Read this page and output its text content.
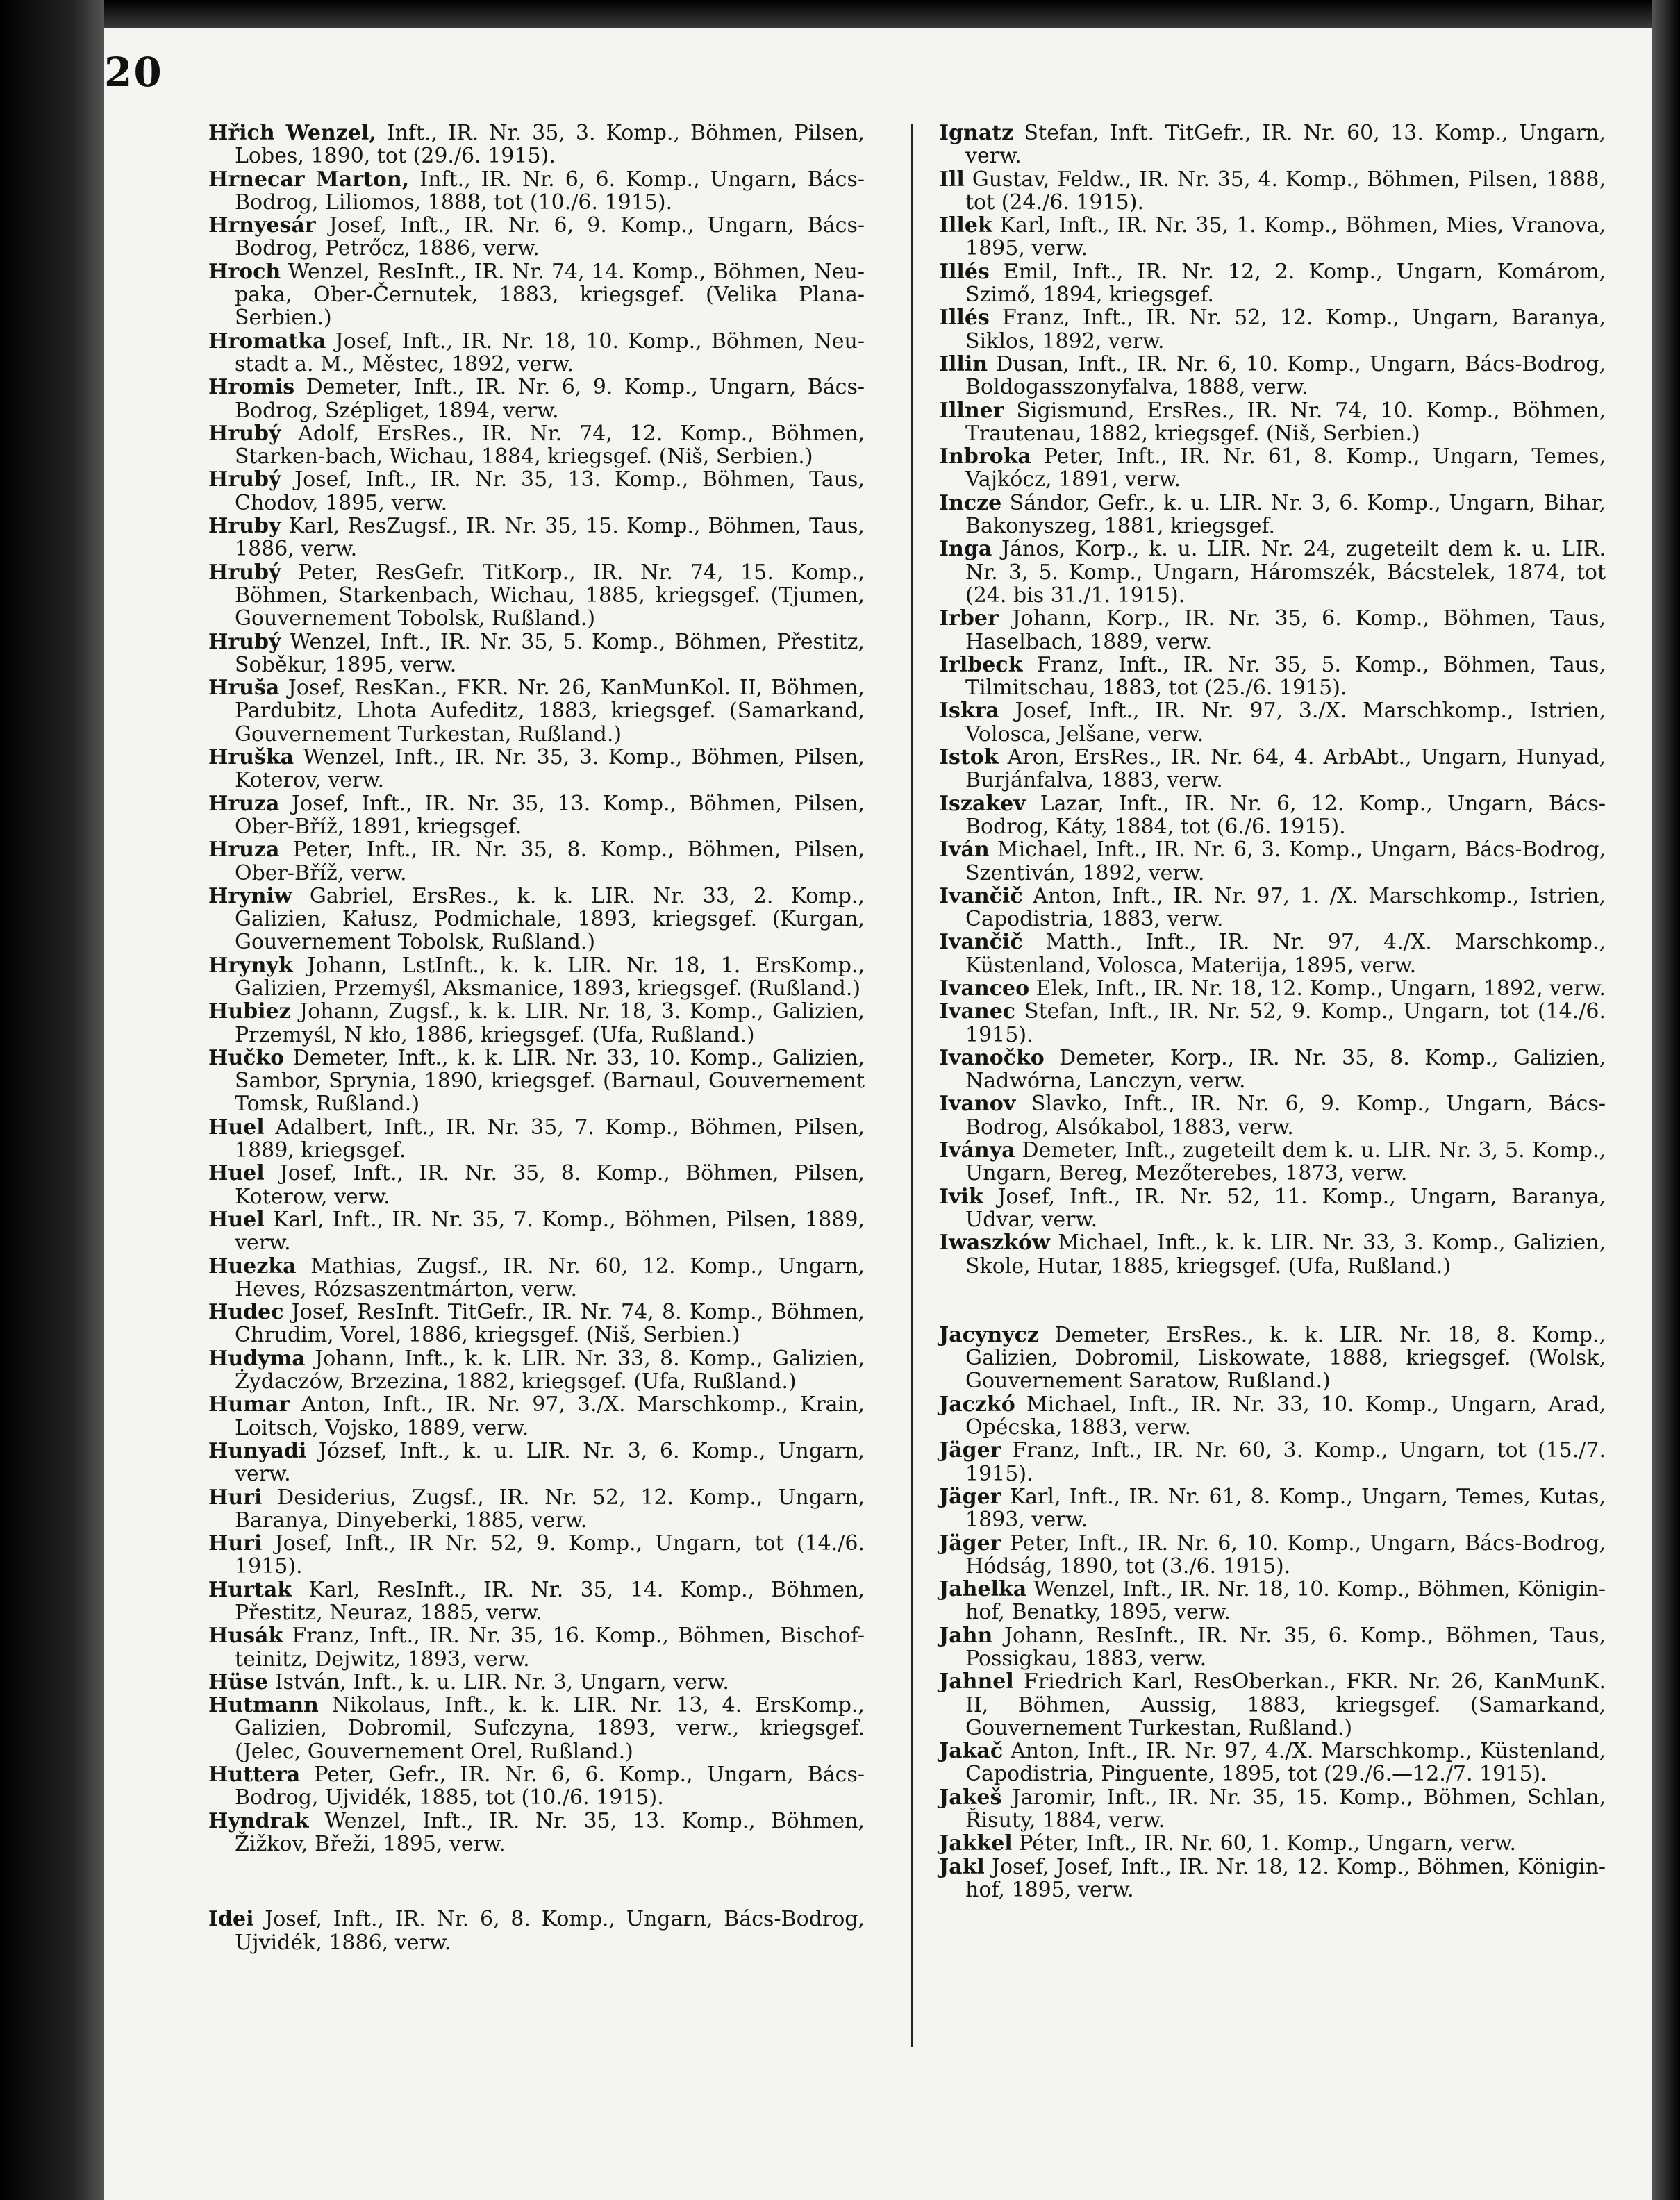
20

Hřich Wenzel, Inft., IR. Nr. 35, 3. Komp., Böhmen, Pilsen, Lobes, 1890, tot (29./6. 1915).

Hrnecar Marton, Inft., IR. Nr. 6, 6. Komp., Ungarn, Bács-Bodrog, Liliomos, 1888, tot (10./6. 1915).

Hrnyesár Josef, Inft., IR. Nr. 6, 9. Komp., Ungarn, Bács-Bodrog, Petrőcz, 1886, verw.

Hroch Wenzel, ResInft., IR. Nr. 74, 14. Komp., Böhmen, Neu-paka, Ober-Černutek, 1883, kriegsgef. (Velika Plana-Serbien.)

Hromatka Josef, Inft., IR. Nr. 18, 10. Komp., Böhmen, Neu-stadt a. M., Městec, 1892, verw.

Hromis Demeter, Inft., IR. Nr. 6, 9. Komp., Ungarn, Bács-Bodrog, Szépliget, 1894, verw.

Hrubý Adolf, ErsRes., IR. Nr. 74, 12. Komp., Böhmen, Starken-bach, Wichau, 1884, kriegsgef. (Niš, Serbien.)

Hrubý Josef, Inft., IR. Nr. 35, 13. Komp., Böhmen, Taus, Chodov, 1895, verw.

Hruby Karl, ResZugsf., IR. Nr. 35, 15. Komp., Böhmen, Taus, 1886, verw.

Hrubý Peter, ResGefr. TitKorp., IR. Nr. 74, 15. Komp., Böhmen, Starkenbach, Wichau, 1885, kriegsgef. (Tjumen, Gouvernement Tobolsk, Rußland.)

Hrubý Wenzel, Inft., IR. Nr. 35, 5. Komp., Böhmen, Přestitz, Soběkur, 1895, verw.

Hruša Josef, ResKan., FKR. Nr. 26, KanMunKol. II, Böhmen, Pardubitz, Lhota Aufeditz, 1883, kriegsgef. (Samarkand, Gouvernement Turkestan, Rußland.)

Hruška Wenzel, Inft., IR. Nr. 35, 3. Komp., Böhmen, Pilsen, Koterov, verw.

Hruza Josef, Inft., IR. Nr. 35, 13. Komp., Böhmen, Pilsen, Ober-Bříž, 1891, kriegsgef.

Hruza Peter, Inft., IR. Nr. 35, 8. Komp., Böhmen, Pilsen, Ober-Bříž, verw.

Hryniw Gabriel, ErsRes., k. k. LIR. Nr. 33, 2. Komp., Galizien, Kałusz, Podmichale, 1893, kriegsgef. (Kurgan, Gouvernement Tobolsk, Rußland.)

Hrynyk Johann, LstInft., k. k. LIR. Nr. 18, 1. ErsKomp., Galizien, Przemyśl, Aksmanice, 1893, kriegsgef. (Rußland.)

Hubiez Johann, Zugsf., k. k. LIR. Nr. 18, 3. Komp., Galizien, Przemyśl, N kło, 1886, kriegsgef. (Ufa, Rußland.)

Hučko Demeter, Inft., k. k. LIR. Nr. 33, 10. Komp., Galizien, Sambor, Sprynia, 1890, kriegsgef. (Barnaul, Gouvernement Tomsk, Rußland.)

Huel Adalbert, Inft., IR. Nr. 35, 7. Komp., Böhmen, Pilsen, 1889, kriegsgef.

Huel Josef, Inft., IR. Nr. 35, 8. Komp., Böhmen, Pilsen, Koterow, verw.

Huel Karl, Inft., IR. Nr. 35, 7. Komp., Böhmen, Pilsen, 1889, verw.

Huezka Mathias, Zugsf., IR. Nr. 60, 12. Komp., Ungarn, Heves, Rózsaszentmárton, verw.

Hudec Josef, ResInft. TitGefr., IR. Nr. 74, 8. Komp., Böhmen, Chrudim, Vorel, 1886, kriegsgef. (Niš, Serbien.)

Hudyma Johann, Inft., k. k. LIR. Nr. 33, 8. Komp., Galizien, Żydaczów, Brzezina, 1882, kriegsgef. (Ufa, Rußland.)

Humar Anton, Inft., IR. Nr. 97, 3./X. Marschkomp., Krain, Loitsch, Vojsko, 1889, verw.

Hunyadi József, Inft., k. u. LIR. Nr. 3, 6. Komp., Ungarn, verw.

Huri Desiderius, Zugsf., IR. Nr. 52, 12. Komp., Ungarn, Baranya, Dinyeberki, 1885, verw.

Huri Josef, Inft., IR Nr. 52, 9. Komp., Ungarn, tot (14./6. 1915).

Hurtak Karl, ResInft., IR. Nr. 35, 14. Komp., Böhmen, Přestitz, Neuraz, 1885, verw.

Husák Franz, Inft., IR. Nr. 35, 16. Komp., Böhmen, Bischof-teinitz, Dejwitz, 1893, verw.

Hüse István, Inft., k. u. LIR. Nr. 3, Ungarn, verw.

Hutmann Nikolaus, Inft., k. k. LIR. Nr. 13, 4. ErsKomp., Galizien, Dobromil, Sufczyna, 1893, verw., kriegsgef. (Jelec, Gouvernement Orel, Rußland.)

Huttera Peter, Gefr., IR. Nr. 6, 6. Komp., Ungarn, Bács-Bodrog, Ujvidék, 1885, tot (10./6. 1915).

Hyndrak Wenzel, Inft., IR. Nr. 35, 13. Komp., Böhmen, Žižkov, Břeži, 1895, verw.

Idei Josef, Inft., IR. Nr. 6, 8. Komp., Ungarn, Bács-Bodrog, Ujvidék, 1886, verw.

Ignatz Stefan, Inft. TitGefr., IR. Nr. 60, 13. Komp., Ungarn, verw.

Ill Gustav, Feldw., IR. Nr. 35, 4. Komp., Böhmen, Pilsen, 1888, tot (24./6. 1915).

Illek Karl, Inft., IR. Nr. 35, 1. Komp., Böhmen, Mies, Vranova, 1895, verw.

Illés Emil, Inft., IR. Nr. 12, 2. Komp., Ungarn, Komárom, Szimő, 1894, kriegsgef.

Illés Franz, Inft., IR. Nr. 52, 12. Komp., Ungarn, Baranya, Siklos, 1892, verw.

Illin Dusan, Inft., IR. Nr. 6, 10. Komp., Ungarn, Bács-Bodrog, Boldogasszonyfalva, 1888, verw.

Illner Sigismund, ErsRes., IR. Nr. 74, 10. Komp., Böhmen, Trautenau, 1882, kriegsgef. (Niš, Serbien.)

Inbroka Peter, Inft., IR. Nr. 61, 8. Komp., Ungarn, Temes, Vajkócz, 1891, verw.

Incze Sándor, Gefr., k. u. LIR. Nr. 3, 6. Komp., Ungarn, Bihar, Bakonyszeg, 1881, kriegsgef.

Inga János, Korp., k. u. LIR. Nr. 24, zugeteilt dem k. u. LIR. Nr. 3, 5. Komp., Ungarn, Háromszék, Bácstelek, 1874, tot (24. bis 31./1. 1915).

Irber Johann, Korp., IR. Nr. 35, 6. Komp., Böhmen, Taus, Haselbach, 1889, verw.

Irlbeck Franz, Inft., IR. Nr. 35, 5. Komp., Böhmen, Taus, Tilmitschau, 1883, tot (25./6. 1915).

Iskra Josef, Inft., IR. Nr. 97, 3./X. Marschkomp., Istrien, Volosca, Jelšane, verw.

Istok Aron, ErsRes., IR. Nr. 64, 4. ArbAbt., Ungarn, Hunyad, Burjánfalva, 1883, verw.

Iszakev Lazar, Inft., IR. Nr. 6, 12. Komp., Ungarn, Bács-Bodrog, Káty, 1884, tot (6./6. 1915).

Iván Michael, Inft., IR. Nr. 6, 3. Komp., Ungarn, Bács-Bodrog, Szentiván, 1892, verw.

Ivančič Anton, Inft., IR. Nr. 97, 1. /X. Marschkomp., Istrien, Capodistria, 1883, verw.

Ivančič Matth., Inft., IR. Nr. 97, 4./X. Marschkomp., Küstenland, Volosca, Materija, 1895, verw.

Ivanceo Elek, Inft., IR. Nr. 18, 12. Komp., Ungarn, 1892, verw.

Ivanec Stefan, Inft., IR. Nr. 52, 9. Komp., Ungarn, tot (14./6. 1915).

Ivanočko Demeter, Korp., IR. Nr. 35, 8. Komp., Galizien, Nadwórna, Lanczyn, verw.

Ivanov Slavko, Inft., IR. Nr. 6, 9. Komp., Ungarn, Bács-Bodrog, Alsókabol, 1883, verw.

Iványa Demeter, Inft., zugeteilt dem k. u. LIR. Nr. 3, 5. Komp., Ungarn, Bereg, Mezőterebes, 1873, verw.

Ivik Josef, Inft., IR. Nr. 52, 11. Komp., Ungarn, Baranya, Udvar, verw.

Iwaszków Michael, Inft., k. k. LIR. Nr. 33, 3. Komp., Galizien, Skole, Hutar, 1885, kriegsgef. (Ufa, Rußland.)

Jacynycz Demeter, ErsRes., k. k. LIR. Nr. 18, 8. Komp., Galizien, Dobromil, Liskowate, 1888, kriegsgef. (Wolsk, Gouvernement Saratow, Rußland.)

Jaczkó Michael, Inft., IR. Nr. 33, 10. Komp., Ungarn, Arad, Opécska, 1883, verw.

Jäger Franz, Inft., IR. Nr. 60, 3. Komp., Ungarn, tot (15./7. 1915).

Jäger Karl, Inft., IR. Nr. 61, 8. Komp., Ungarn, Temes, Kutas, 1893, verw.

Jäger Peter, Inft., IR. Nr. 6, 10. Komp., Ungarn, Bács-Bodrog, Hódság, 1890, tot (3./6. 1915).

Jahelka Wenzel, Inft., IR. Nr. 18, 10. Komp., Böhmen, Königin-hof, Benatky, 1895, verw.

Jahn Johann, ResInft., IR. Nr. 35, 6. Komp., Böhmen, Taus, Possigkau, 1883, verw.

Jahnel Friedrich Karl, ResOberkan., FKR. Nr. 26, KanMunK. II, Böhmen, Aussig, 1883, kriegsgef. (Samarkand, Gouvernement Turkestan, Rußland.)

Jakač Anton, Inft., IR. Nr. 97, 4./X. Marschkomp., Küstenland, Capodistria, Pinguente, 1895, tot (29./6.—12./7. 1915).

Jakeš Jaromir, Inft., IR. Nr. 35, 15. Komp., Böhmen, Schlan, Řisuty, 1884, verw.

Jakkel Péter, Inft., IR. Nr. 60, 1. Komp., Ungarn, verw.

Jakl Josef, Josef, Inft., IR. Nr. 18, 12. Komp., Böhmen, Königin-hof, 1895, verw.
